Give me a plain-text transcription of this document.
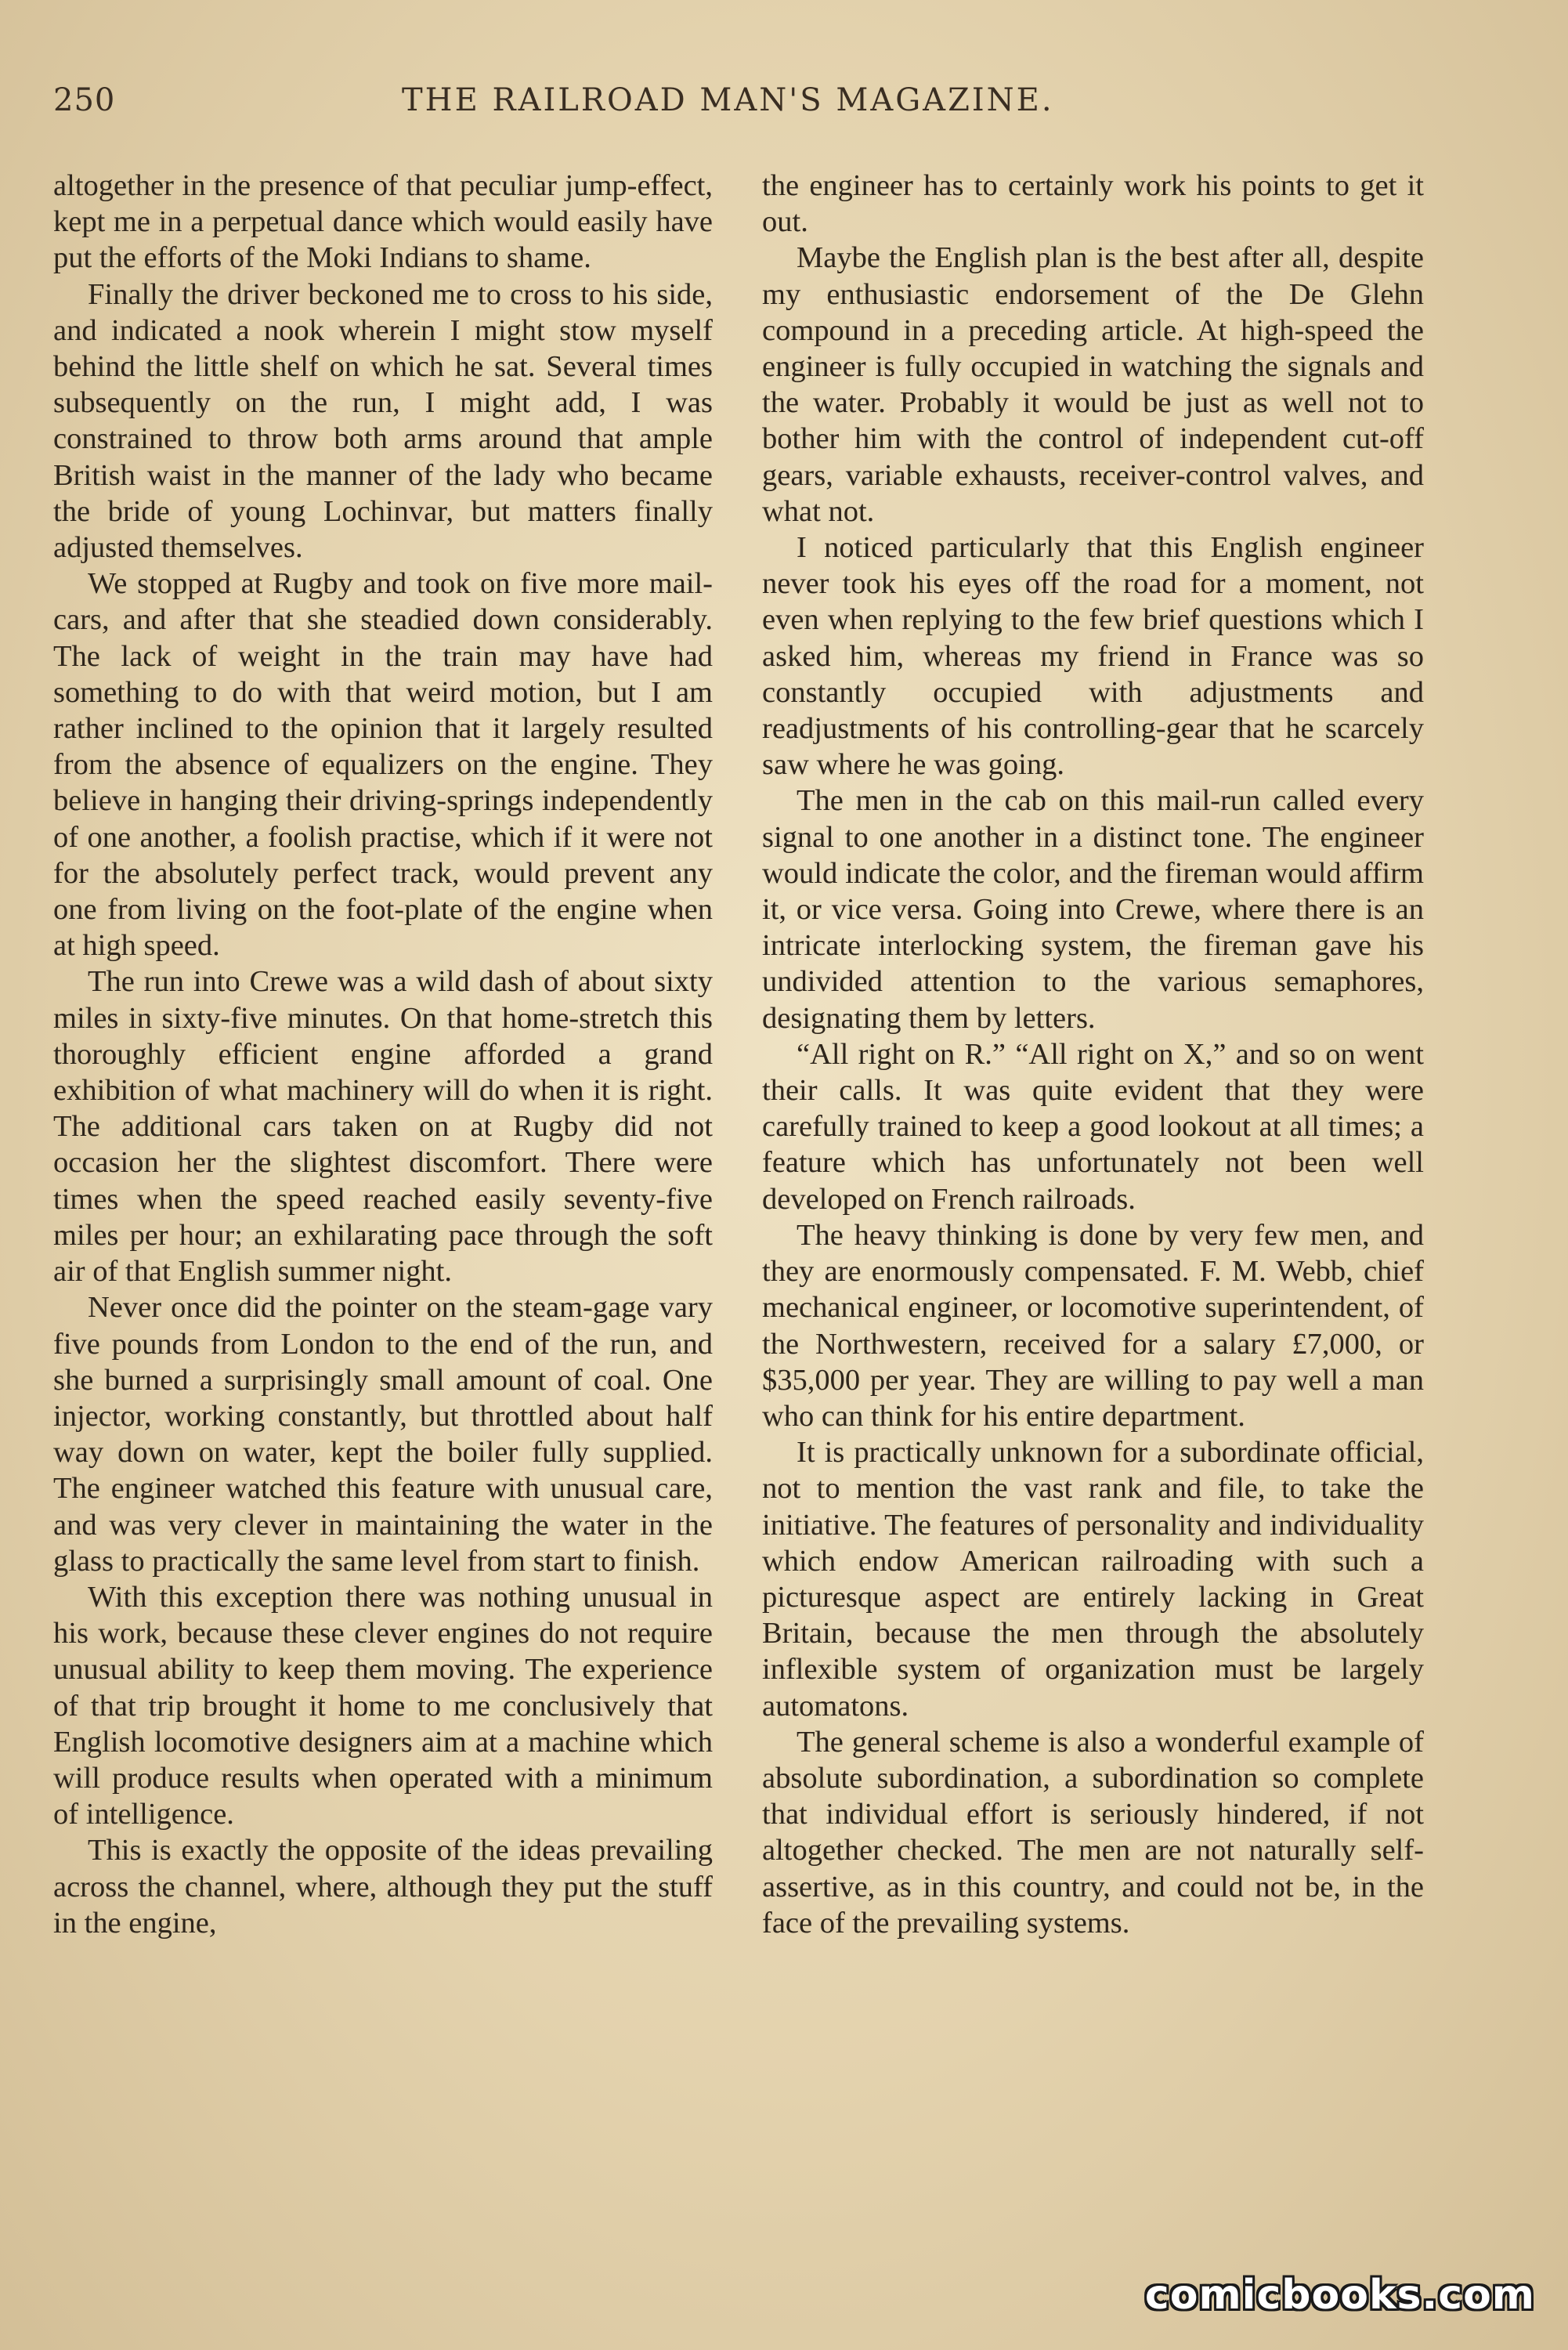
250	THE RAILROAD MAN'S MAGAZINE.

altogether in the presence of that peculiar jump-effect, kept me in a perpetual dance which would easily have put the efforts of the Moki Indians to shame.

Finally the driver beckoned me to cross to his side, and indicated a nook wherein I might stow myself behind the little shelf on which he sat. Several times subsequently on the run, I might add, I was constrained to throw both arms around that ample British waist in the manner of the lady who became the bride of young Lochinvar, but matters finally adjusted themselves.

We stopped at Rugby and took on five more mail-cars, and after that she steadied down considerably. The lack of weight in the train may have had something to do with that weird motion, but I am rather inclined to the opinion that it largely resulted from the absence of equalizers on the engine. They believe in hanging their driving-springs independently of one another, a foolish practise, which if it were not for the absolutely perfect track, would prevent any one from living on the foot-plate of the engine when at high speed.

The run into Crewe was a wild dash of about sixty miles in sixty-five minutes. On that home-stretch this thoroughly efficient engine afforded a grand exhibition of what machinery will do when it is right. The additional cars taken on at Rugby did not occasion her the slightest discomfort. There were times when the speed reached easily seventy-five miles per hour; an exhilarating pace through the soft air of that English summer night.

Never once did the pointer on the steam-gage vary five pounds from London to the end of the run, and she burned a surprisingly small amount of coal. One injector, working constantly, but throttled about half way down on water, kept the boiler fully supplied. The engineer watched this feature with unusual care, and was very clever in maintaining the water in the glass to practically the same level from start to finish.

With this exception there was nothing unusual in his work, because these clever engines do not require unusual ability to keep them moving. The experience of that trip brought it home to me conclusively that English locomotive designers aim at a machine which will produce results when operated with a minimum of intelligence.

This is exactly the opposite of the ideas prevailing across the channel, where, although they put the stuff in the engine,

the engineer has to certainly work his points to get it out.

Maybe the English plan is the best after all, despite my enthusiastic endorsement of the De Glehn compound in a preceding article. At high-speed the engineer is fully occupied in watching the signals and the water. Probably it would be just as well not to bother him with the control of independent cut-off gears, variable exhausts, receiver-control valves, and what not.

I noticed particularly that this English engineer never took his eyes off the road for a moment, not even when replying to the few brief questions which I asked him, whereas my friend in France was so constantly occupied with adjustments and readjustments of his controlling-gear that he scarcely saw where he was going.

The men in the cab on this mail-run called every signal to one another in a distinct tone. The engineer would indicate the color, and the fireman would affirm it, or vice versa. Going into Crewe, where there is an intricate interlocking system, the fireman gave his undivided attention to the various semaphores, designating them by letters.

“All right on R.” “All right on X,” and so on went their calls. It was quite evident that they were carefully trained to keep a good lookout at all times; a feature which has unfortunately not been well developed on French railroads.

The heavy thinking is done by very few men, and they are enormously compensated. F. M. Webb, chief mechanical engineer, or locomotive superintendent, of the Northwestern, received for a salary £7,000, or $35,000 per year. They are willing to pay well a man who can think for his entire department.

It is practically unknown for a subordinate official, not to mention the vast rank and file, to take the initiative. The features of personality and individuality which endow American railroading with such a picturesque aspect are entirely lacking in Great Britain, because the men through the absolutely inflexible system of organization must be largely automatons.

The general scheme is also a wonderful example of absolute subordination, a subordination so complete that individual effort is seriously hindered, if not altogether checked. The men are not naturally self-assertive, as in this country, and could not be, in the face of the prevailing systems.

comicbooks.com
